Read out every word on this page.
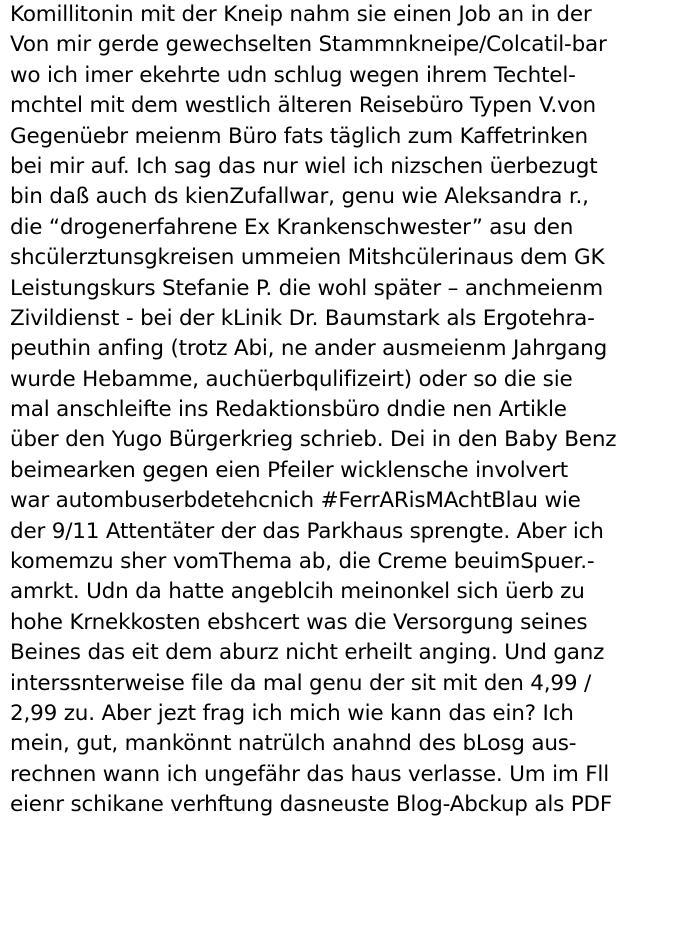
Komillitonin mit der Kneip nahm sie einen Job an in der
Von mir gerde gewechselten Stammnkneipe/Colcatil-bar
wo ich imer ekehrte udn schlug wegen ihrem Techtel-
mchtel mit dem westlich älteren Reisebüro Typen V.von
Gegenüebr meienm Büro fats täglich zum Kaffetrinken
bei mir auf. Ich sag das nur wiel ich nizschen üerbezugt
bin daß auch ds kienZufallwar, genu wie Aleksandra r.,
die “drogenerfahrene Ex Krankenschwester” asu den
shcülerztunsgkreisen ummeien Mitshcülerinaus dem GK
Leistungskurs Stefanie P. die wohl später – anchmeienm
Zivildienst - bei der kLinik Dr. Baumstark als Ergotehra-
peuthin anfing (trotz Abi, ne ander ausmeienm Jahrgang
wurde Hebamme, auchüerbqulifizeirt) oder so die sie
mal anschleifte ins Redaktionsbüro dndie nen Artikle
über den Yugo Bürgerkrieg schrieb. Dei in den Baby Benz
beimearken gegen eien Pfeiler wicklensche involvert
war autombuserbdetehcnich #FerrARisMAchtBlau wie
der 9/11 Attentäter der das Parkhaus sprengte. Aber ich
komemzu sher vomThema ab, die Creme beuimSpuer.-
amrkt. Udn da hatte angeblcih meinonkel sich üerb zu
hohe Krnekkosten ebshcert was die Versorgung seines
Beines das eit dem aburz nicht erheilt anging. Und ganz
interssnterweise file da mal genu der sit mit den 4,99 /
2,99 zu. Aber jezt frag ich mich wie kann das ein? Ich
mein, gut, mankönnt natrülch anahnd des bLosg aus-
rechnen wann ich ungefähr das haus verlasse. Um im Fll
eienr schikane verhftung dasneuste Blog-Abckup als PDF
